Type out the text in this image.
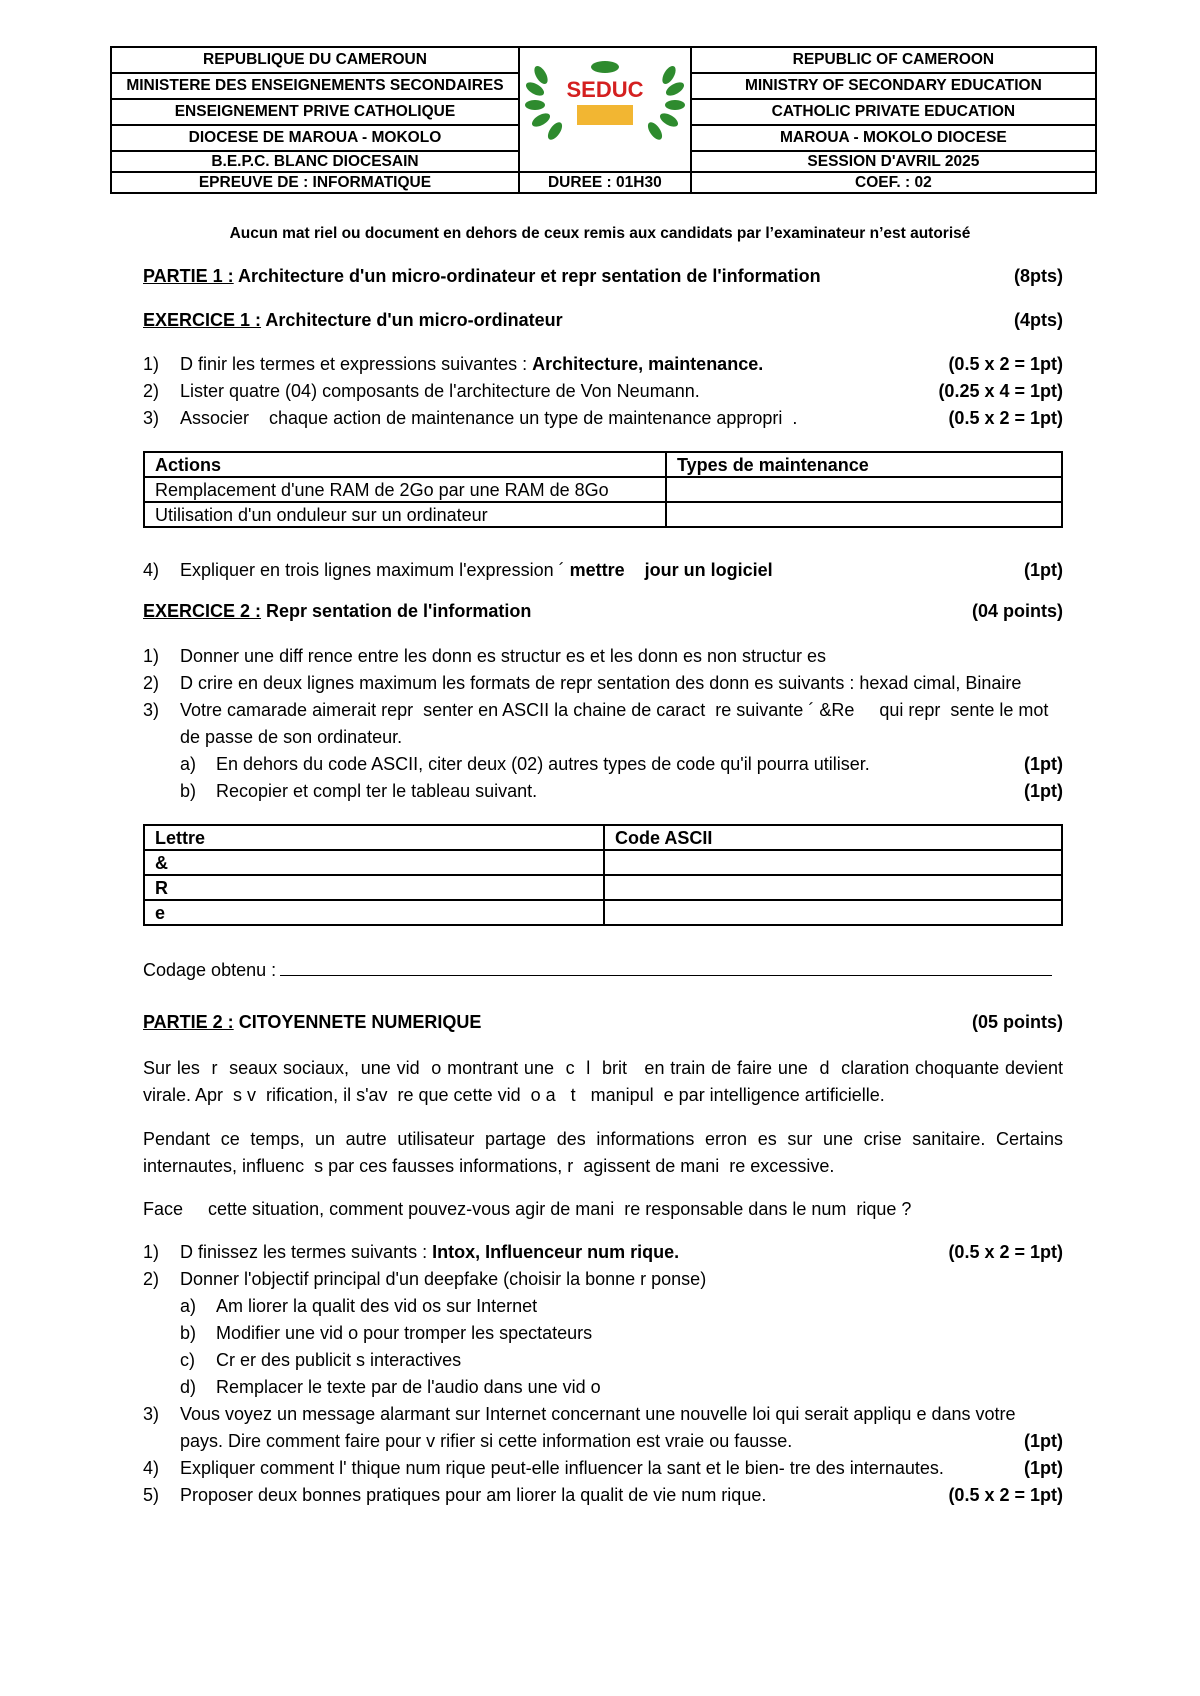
REPUBLIQUE DU CAMEROUN	SEDUC	REPUBLIC OF CAMEROON
MINISTERE DES ENSEIGNEMENTS SECONDAIRES		MINISTRY OF SECONDARY EDUCATION
ENSEIGNEMENT PRIVE CATHOLIQUE		CATHOLIC PRIVATE EDUCATION
DIOCESE DE MAROUA - MOKOLO		MAROUA - MOKOLO DIOCESE
B.E.P.C. BLANC DIOCESAIN		SESSION D'AVRIL 2025
EPREUVE DE : INFORMATIQUE	DUREE : 01H30	COEF. : 02
Aucun mat riel ou document en dehors de ceux remis aux candidats par l’examinateur n’est autorisé
PARTIE 1 : Architecture d'un micro-ordinateur et repr sentation de l'information	(8pts)
EXERCICE 1 : Architecture d'un micro-ordinateur	(4pts)
1) D finir les termes et expressions suivantes : Architecture, maintenance.	(0.5 x 2 = 1pt)
2) Lister quatre (04) composants de l'architecture de Von Neumann.	(0.25 x 4 = 1pt)
3) Associer    chaque action de maintenance un type de maintenance appropri  .	(0.5 x 2 = 1pt)
Actions	Types de maintenance
Remplacement d'une RAM de 2Go par une RAM de 8Go	
Utilisation d'un onduleur sur un ordinateur	
4) Expliquer en trois lignes maximum l'expression ´ mettre    jour un logiciel	(1pt)
EXERCICE 2 : Repr sentation de l'information	(04 points)
1) Donner une diff rence entre les donn es structur es et les donn es non structur es
2) D crire en deux lignes maximum les formats de repr sentation des donn es suivants : hexad cimal, Binaire
3) Votre camarade aimerait repr  senter en ASCII la chaine de caract  re suivante ´ &Re     qui repr  sente le mot
de passe de son ordinateur.
a) En dehors du code ASCII, citer deux (02) autres types de code qu'il pourra utiliser.	(1pt)
b) Recopier et compl ter le tableau suivant.	(1pt)
Lettre	Code ASCII
&	
R	
e	
Codage obtenu :
PARTIE 2 : CITOYENNETE NUMERIQUE	(05 points)
Sur les  r  seaux sociaux,  une vid  o montrant une  c  l  brit   en train de faire une  d  claration choquante devient virale. Apr  s v  rification, il s'av  re que cette vid  o a   t   manipul  e par intelligence artificielle.
Pendant  ce  temps,  un  autre  utilisateur  partage  des  informations  erron  es  sur  une  crise  sanitaire.  Certains internautes, influenc  s par ces fausses informations, r  agissent de mani  re excessive.
Face     cette situation, comment pouvez-vous agir de mani  re responsable dans le num  rique ?
1) D finissez les termes suivants : Intox, Influenceur num rique.	(0.5 x 2 = 1pt)
2) Donner l'objectif principal d'un deepfake (choisir la bonne r ponse)
a) Am liorer la qualit des vid os sur Internet
b) Modifier une vid o pour tromper les spectateurs
c) Cr er des publicit s interactives
d) Remplacer le texte par de l'audio dans une vid o
3) Vous voyez un message alarmant sur Internet concernant une nouvelle loi qui serait appliqu e dans votre
pays. Dire comment faire pour v rifier si cette information est vraie ou fausse.	(1pt)
4) Expliquer comment l' thique num rique peut-elle influencer la sant et le bien- tre des internautes.	(1pt)
5) Proposer deux bonnes pratiques pour am liorer la qualit de vie num rique.	(0.5 x 2 = 1pt)
